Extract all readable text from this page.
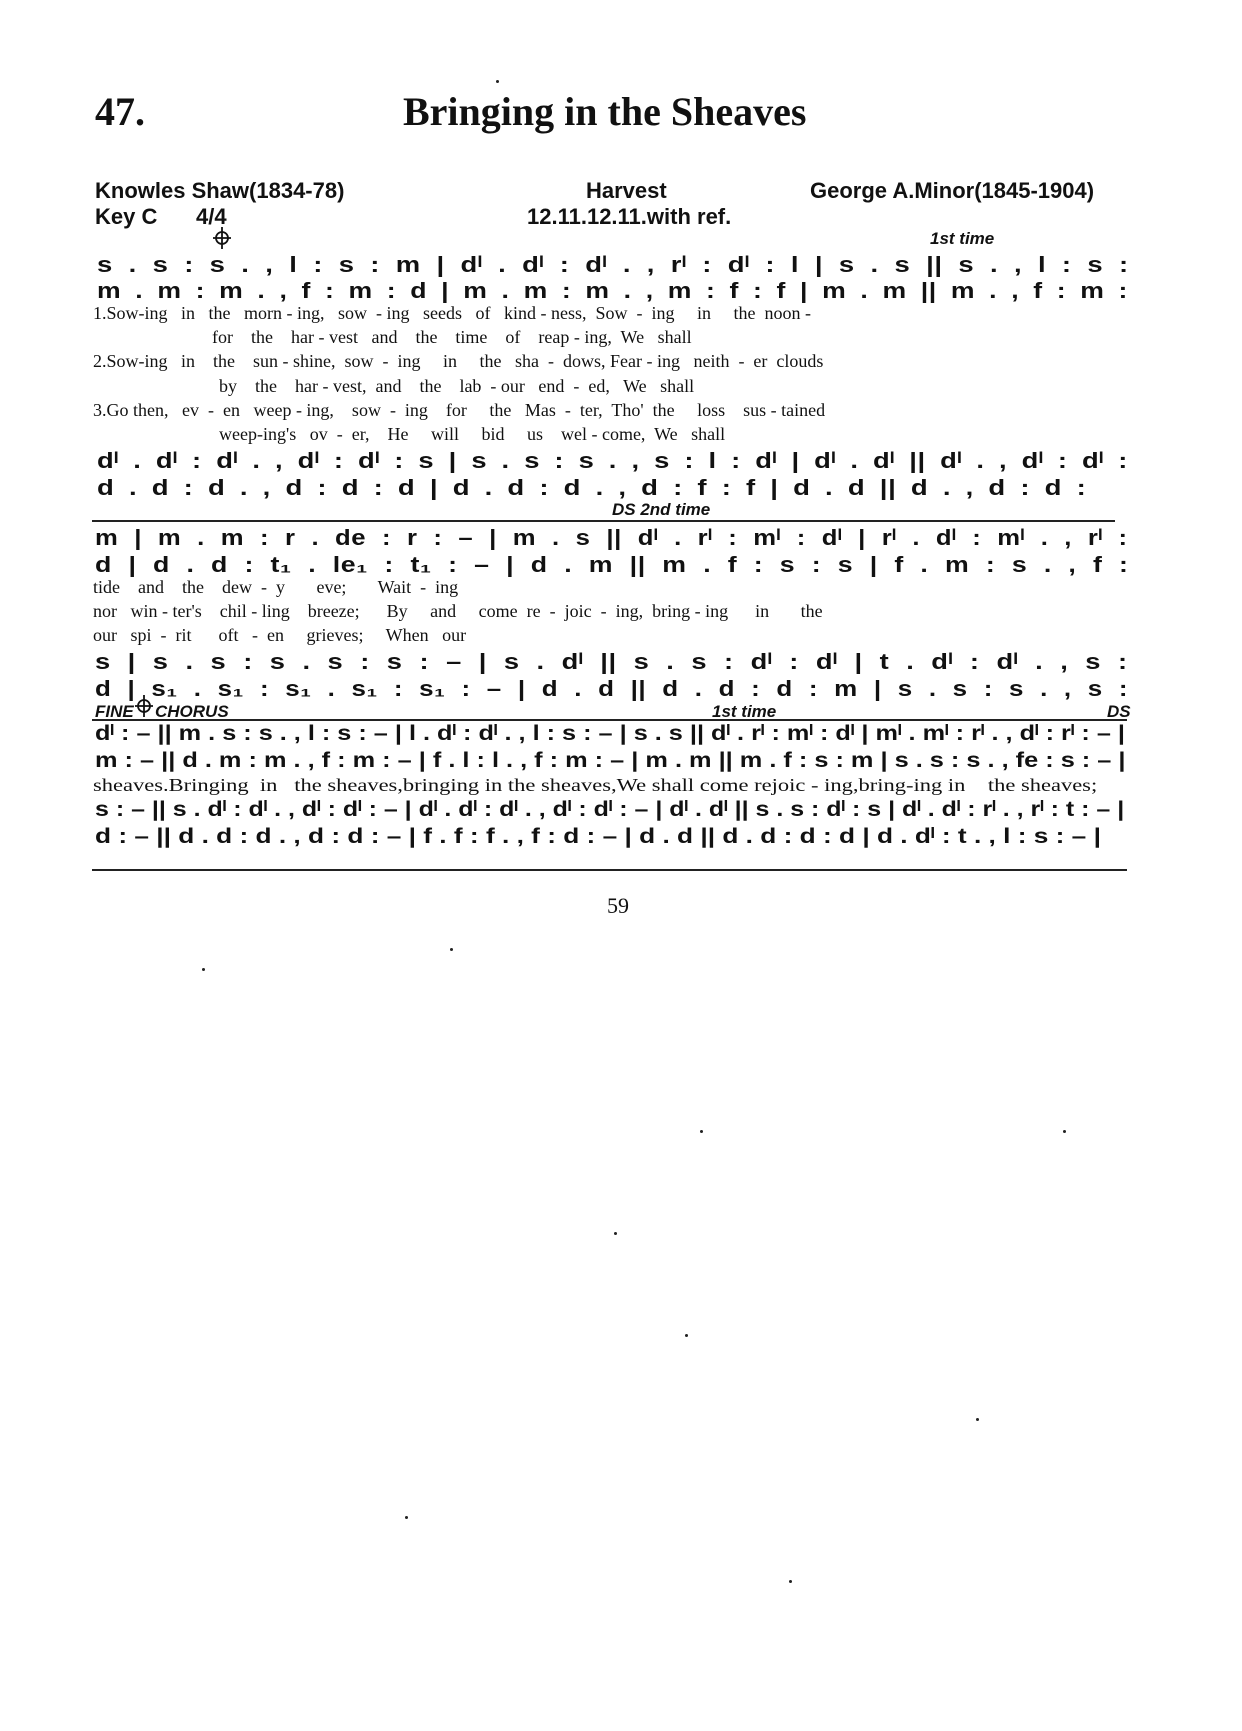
47.	Bringing in the Sheaves
Knowles Shaw(1834-78)	Harvest	George A.Minor(1845-1904)
Key C 4/4	12.11.12.11.with ref.
1st time
s . s : s . , l : s : m | dˡ . dˡ : dˡ . , rˡ : dˡ : l | s . s || s . , l : s :
m . m : m . , f : m : d | m . m : m . , m : f : f | m . m || m . , f : m :
1.Sow-ing   in   the   morn - ing,   sow  - ing   seeds   of   kind - ness,  Sow  -  ing     in     the  noon -
for    the    har - vest   and    the    time    of    reap - ing,  We   shall
2.Sow-ing   in    the    sun - shine,  sow  -  ing     in     the   sha  -  dows, Fear - ing   neith  -  er  clouds
by    the    har - vest,  and    the    lab  - our   end  -  ed,   We   shall
3.Go then,   ev  -  en   weep - ing,    sow  -  ing    for     the   Mas  -  ter,  Tho'  the     loss    sus - tained
weep-ing's   ov  -  er,    He     will     bid     us    wel - come,  We   shall
dˡ . dˡ : dˡ . , dˡ : dˡ : s | s . s : s . , s : l : dˡ | dˡ . dˡ || dˡ . , dˡ : dˡ :
d . d : d . , d : d : d | d . d : d . , d : f : f | d . d || d . , d : d :
DS 2nd time
m | m . m : r . de : r : – | m . s || dˡ . rˡ : mˡ : dˡ | rˡ . dˡ : mˡ . , rˡ :
d | d . d : t₁ . le₁ : t₁ : – | d . m || m . f : s : s | f . m : s . , f :
tide    and    the    dew  -  y       eve;       Wait  -  ing
nor   win - ter's    chil - ling    breeze;      By     and     come  re  -  joic  -  ing,  bring - ing      in       the
our   spi  -  rit      oft   -  en     grieves;     When   our
s | s . s : s . s : s : – | s . dˡ || s . s : dˡ : dˡ | t . dˡ : dˡ . , s :
d | s₁ . s₁ : s₁ . s₁ : s₁ : – | d . d || d . d : d : m | s . s : s . , s :
FINE CHORUS	1st time	DS
dˡ : – || m . s : s . , l : s : – | l . dˡ : dˡ . , l : s : – | s . s || dˡ . rˡ : mˡ : dˡ | mˡ . mˡ : rˡ . , dˡ : rˡ : – |
m : – || d . m : m . , f : m : – | f . l : l . , f : m : – | m . m || m . f : s : m | s . s : s . , fe : s : – |
sheaves.Bringing  in   the sheaves,bringing in the sheaves,We shall come rejoic - ing,bring-ing in    the sheaves;
s : – || s . dˡ : dˡ . , dˡ : dˡ : – | dˡ . dˡ : dˡ . , dˡ : dˡ : – | dˡ . dˡ || s . s : dˡ : s | dˡ . dˡ : rˡ . , rˡ : t : – |
d : – || d . d : d . , d : d : – | f . f : f . , f : d : – | d . d || d . d : d : d | d . dˡ : t . , l : s : – |
59
